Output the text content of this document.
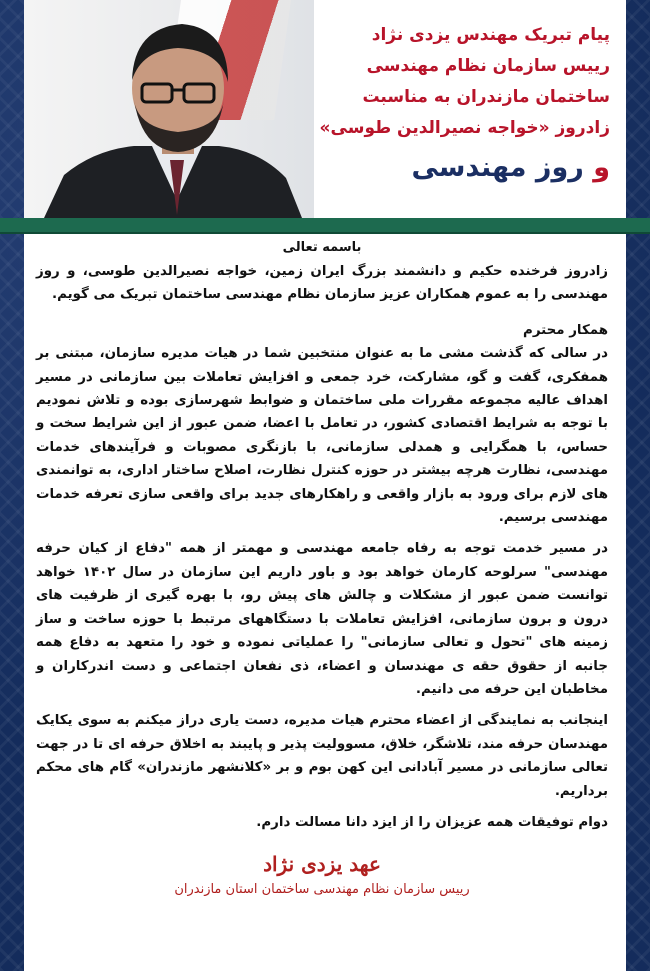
پیام تبریک مهندس یزدی نژاد
رییس سازمان نظام مهندسی
ساختمان مازندران به مناسبت
زادروز «خواجه نصیرالدین طوسی»
و روز مهندسی
باسمه تعالی

زادروز فرخنده حکیم و دانشمند بزرگ ایران زمین، خواجه نصیرالدین طوسی، و روز مهندسی را به عموم همکاران عزیز سازمان نظام مهندسی ساختمان تبریک می گویم.

همکار محترم

در سالی که گذشت مشی ما به عنوان منتخبین شما در هیات مدیره سازمان، مبتنی بر همفکری، گفت و گو، مشارکت، خرد جمعی و افزایش تعاملات بین سازمانی در مسیر اهداف عالیه مجموعه مقررات ملی ساختمان و ضوابط شهرسازی بوده و تلاش نمودیم با توجه به شرایط اقتصادی کشور، در تعامل با اعضا، ضمن عبور از این شرایط سخت و حساس، با همگرایی و همدلی سازمانی، با بازنگری مصوبات و فرآیندهای خدمات مهندسی، نظارت هرچه بیشتر در حوزه کنترل نظارت، اصلاح ساختار اداری، به توانمندی های لازم برای ورود به بازار واقعی و راهکارهای جدید برای واقعی سازی تعرفه خدمات مهندسی برسیم.

در مسیر خدمت توجه به رفاه جامعه مهندسی و مهمتر از همه "دفاع از کیان حرفه مهندسی" سرلوحه کارمان خواهد بود و باور داریم این سازمان در سال ۱۴۰۲ خواهد توانست ضمن عبور از مشکلات و چالش های پیش رو، با بهره گیری از ظرفیت های درون و برون سازمانی، افزایش تعاملات با دستگاههای مرتبط با حوزه ساخت و ساز زمینه های "تحول و تعالی سازمانی" را عملیاتی نموده و خود را متعهد به دفاع همه جانبه از حقوق حقه ی مهندسان و اعضاء، ذی نفعان اجتماعی و دست اندرکاران و مخاطبان این حرفه می دانیم.

اینجانب به نمایندگی از اعضاء محترم هیات مدیره، دست یاری دراز میکنم به سوی یکایک مهندسان حرفه مند، تلاشگر، خلاق، مسوولیت پذیر و پایبند به اخلاق حرفه ای تا در جهت تعالی سازمانی در مسیر آبادانی این کهن بوم و بر «کلانشهر مازندران» گام های محکم برداریم.

دوام توفیقات همه عزیزان را از ایزد دانا مسالت دارم.

عهد یزدی نژاد
رییس سازمان نظام مهندسی ساختمان استان مازندران
